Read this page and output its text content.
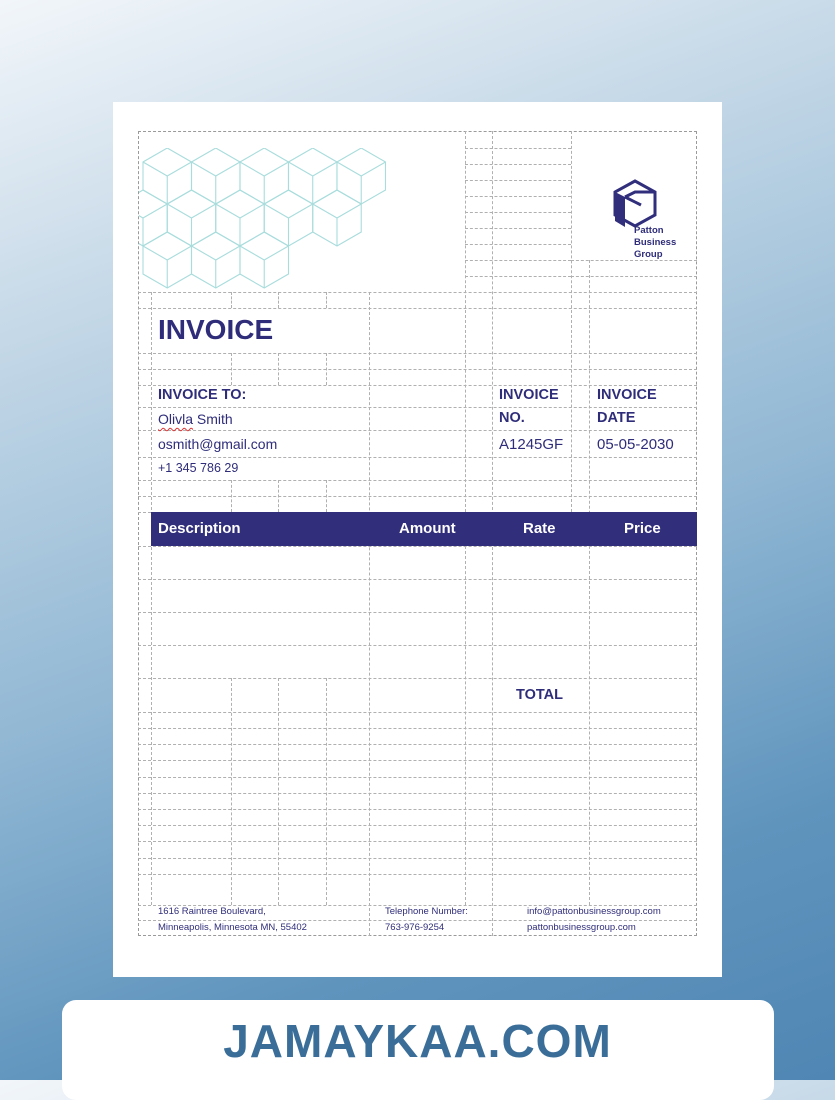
Patton
Business
Group
INVOICE
INVOICE TO:
Olivla Smith
osmith@gmail.com
+1 345 786 29
INVOICE
NO.
A1245GF
INVOICE
DATE
05-05-2030
Description	Amount	Rate	Price
TOTAL
1616 Raintree Boulevard,
Minneapolis, Minnesota MN, 55402
Telephone Number:
763-976-9254
info@pattonbusinessgroup.com
pattonbusinessgroup.com
JAMAYKAA.COM
